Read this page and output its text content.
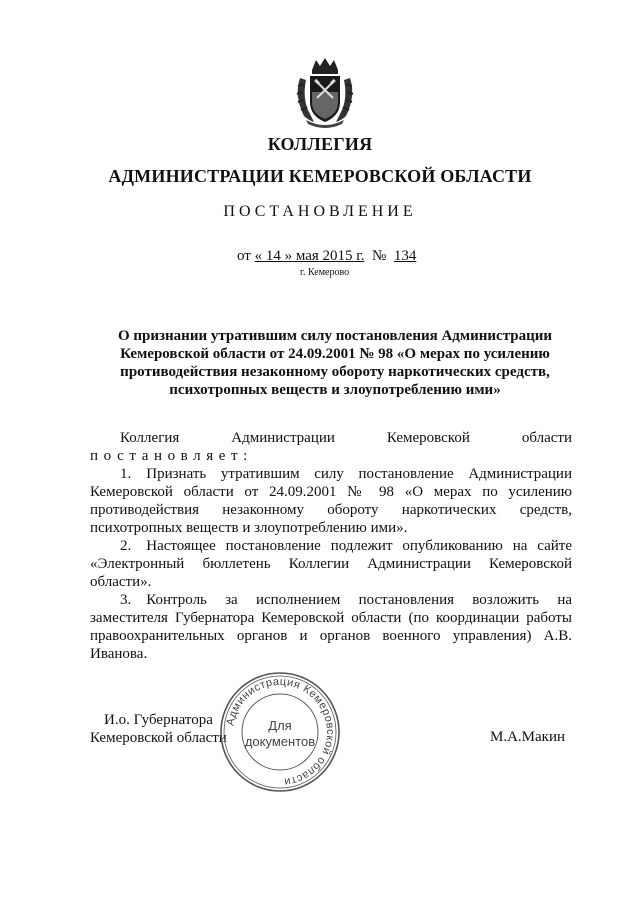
КОЛЛЕГИЯ
АДМИНИСТРАЦИИ КЕМЕРОВСКОЙ ОБЛАСТИ
ПОСТАНОВЛЕНИЕ
от « 14 » мая 2015 г. № 134
г. Кемерово
О признании утратившим силу постановления Администрации Кемеровской области от 24.09.2001 № 98 «О мерах по усилению противодействия незаконному обороту наркотических средств, психотропных веществ и злоупотреблению ими»
Коллегия	Администрации	Кемеровской	области
постановляет:

1. Признать утратившим силу постановление Администрации Кемеровской области от 24.09.2001 № 98 «О мерах по усилению противодействия незаконному обороту наркотических средств, психотропных веществ и злоупотреблению ими».

2. Настоящее постановление подлежит опубликованию на сайте «Электронный бюллетень Коллегии Администрации Кемеровской области».

3. Контроль за исполнением постановления возложить на заместителя Губернатора Кемеровской области (по координации работы правоохранительных органов и органов военного управления) А.В. Иванова.

И.о. Губернатора
Кемеровской области	М.А.Макин
Администрация Кемеровской области
Для
документов
